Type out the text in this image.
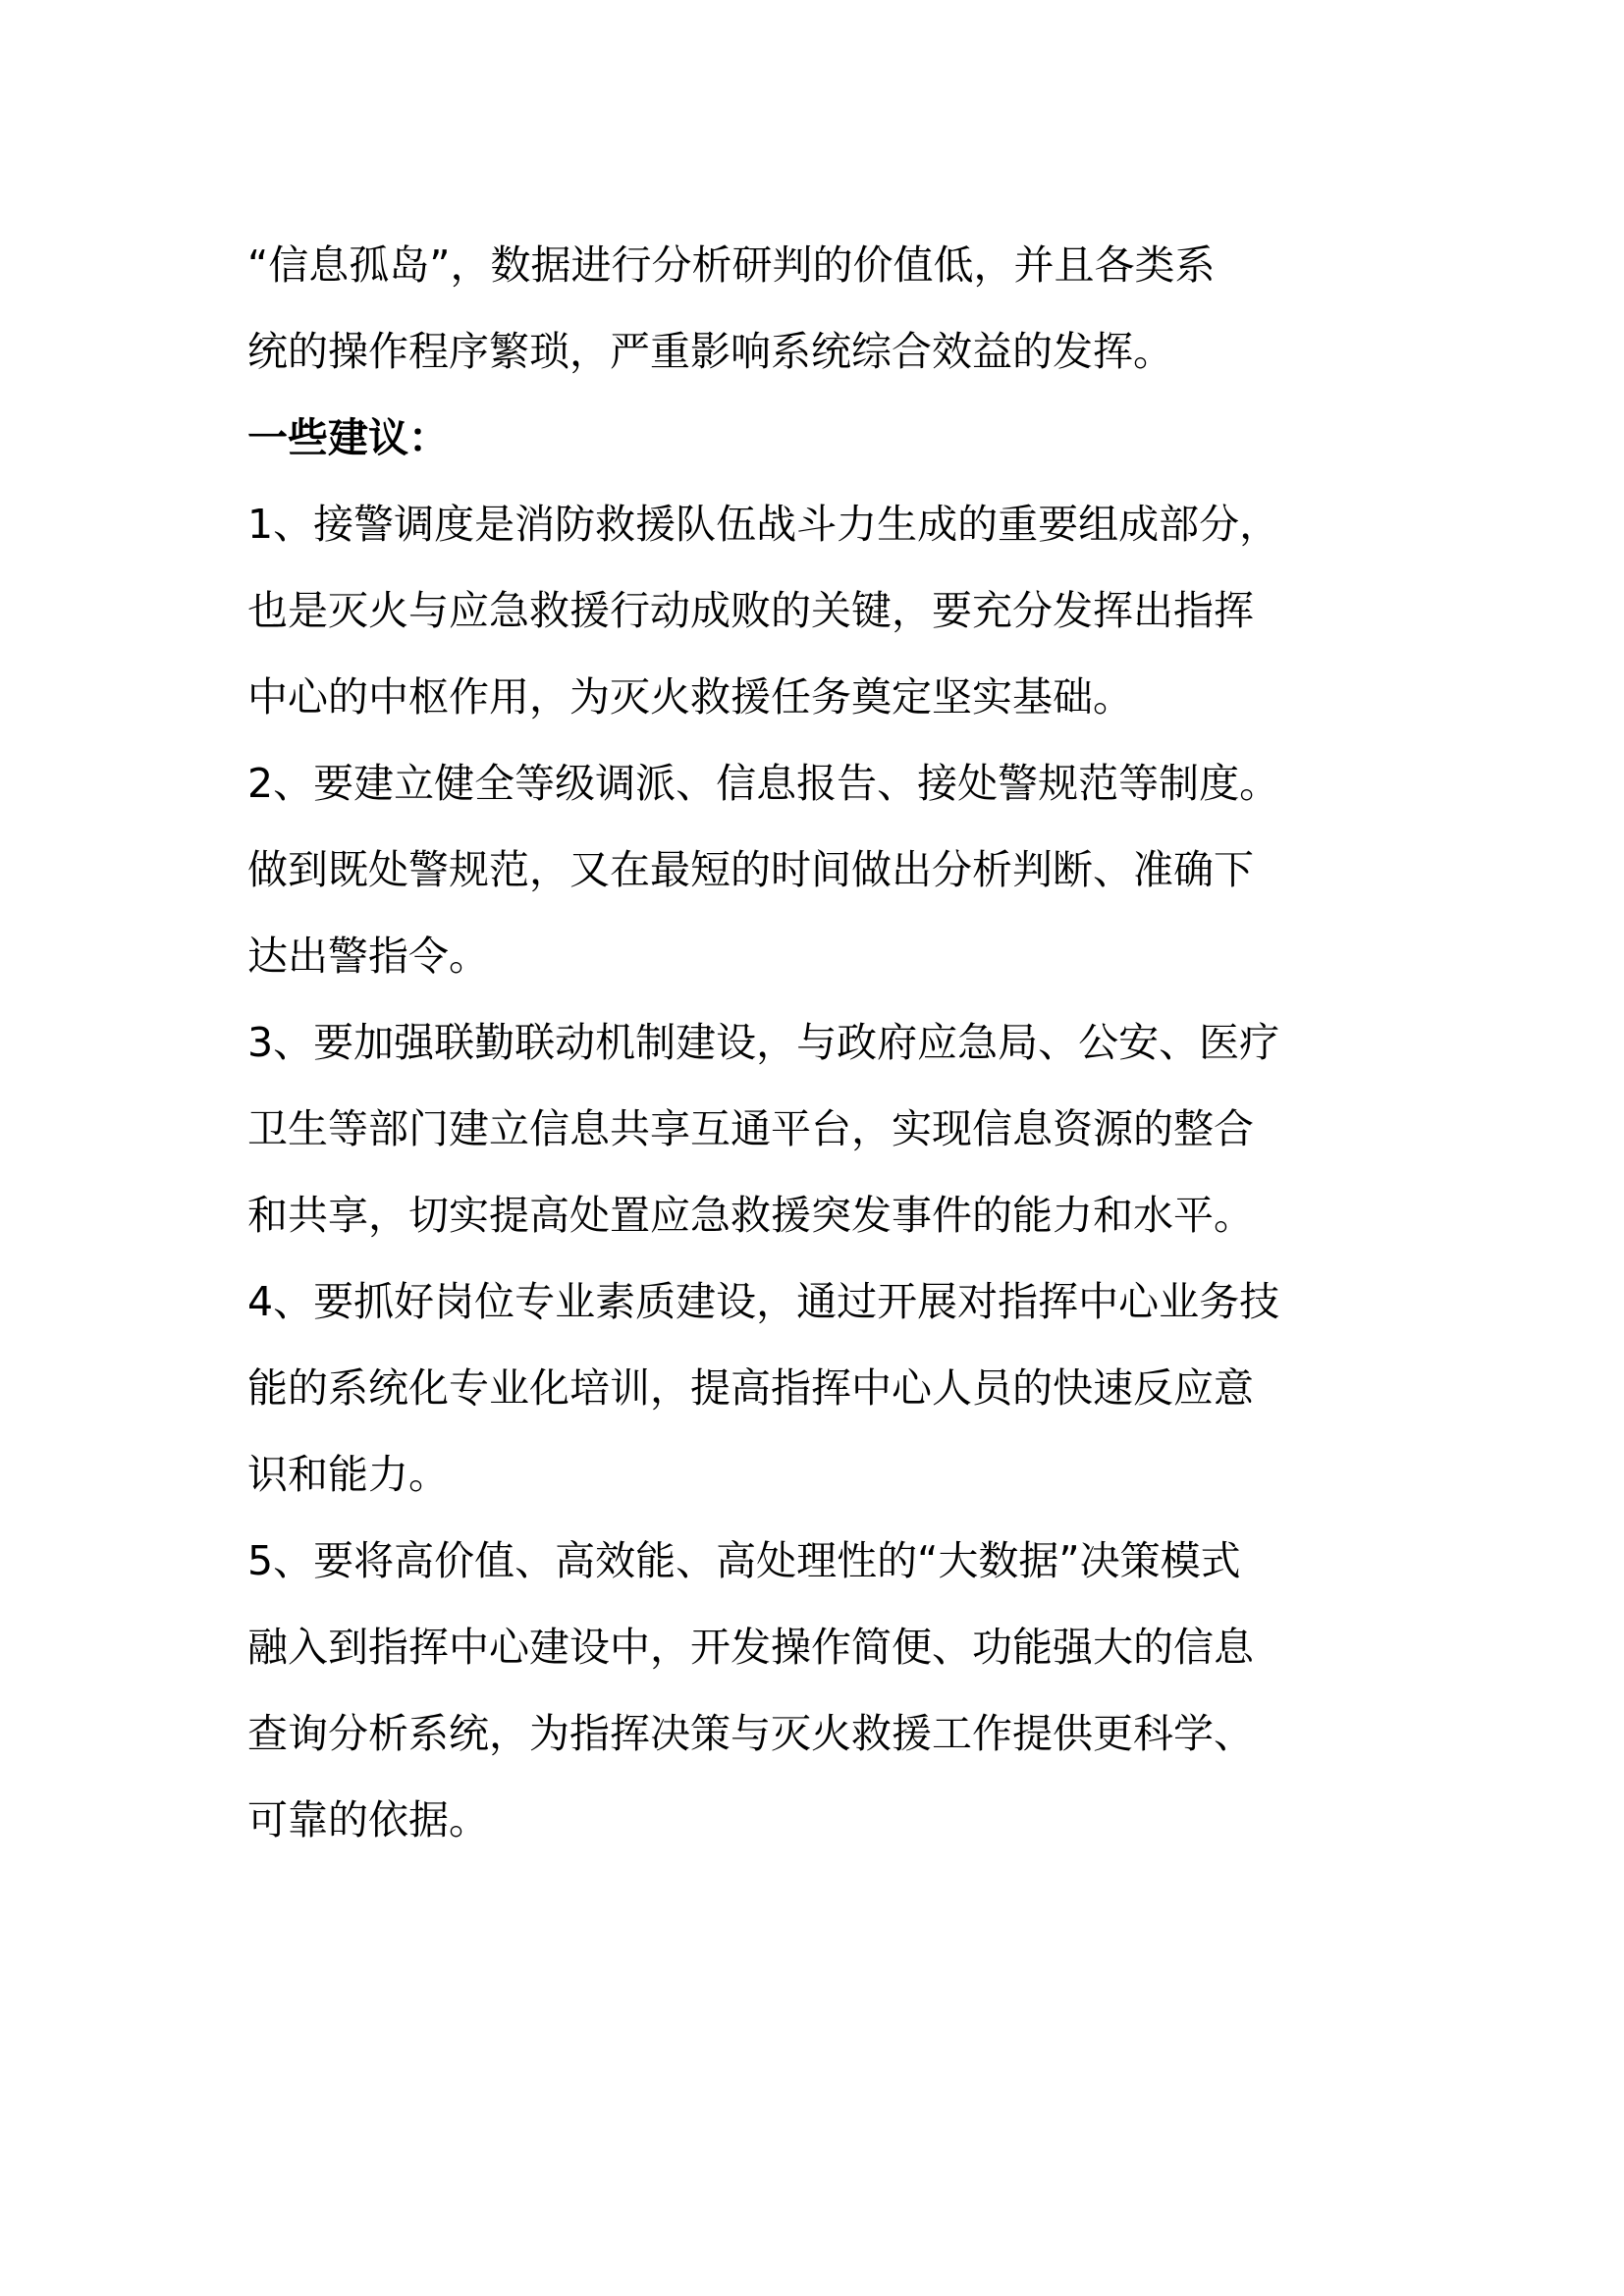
“信息孤岛”，数据进行分析研判的价值低，并且各类系
统的操作程序繁琐，严重影响系统综合效益的发挥。
一些建议：
1、接警调度是消防救援队伍战斗力生成的重要组成部分，
也是灭火与应急救援行动成败的关键，要充分发挥出指挥
中心的中枢作用，为灭火救援任务奠定坚实基础。
2、要建立健全等级调派、信息报告、接处警规范等制度。
做到既处警规范，又在最短的时间做出分析判断、准确下
达出警指令。
3、要加强联勤联动机制建设，与政府应急局、公安、医疗
卫生等部门建立信息共享互通平台，实现信息资源的整合
和共享，切实提高处置应急救援突发事件的能力和水平。
4、要抓好岗位专业素质建设，通过开展对指挥中心业务技
能的系统化专业化培训，提高指挥中心人员的快速反应意
识和能力。
5、要将高价值、高效能、高处理性的“大数据”决策模式
融入到指挥中心建设中，开发操作简便、功能强大的信息
查询分析系统，为指挥决策与灭火救援工作提供更科学、
可靠的依据。
